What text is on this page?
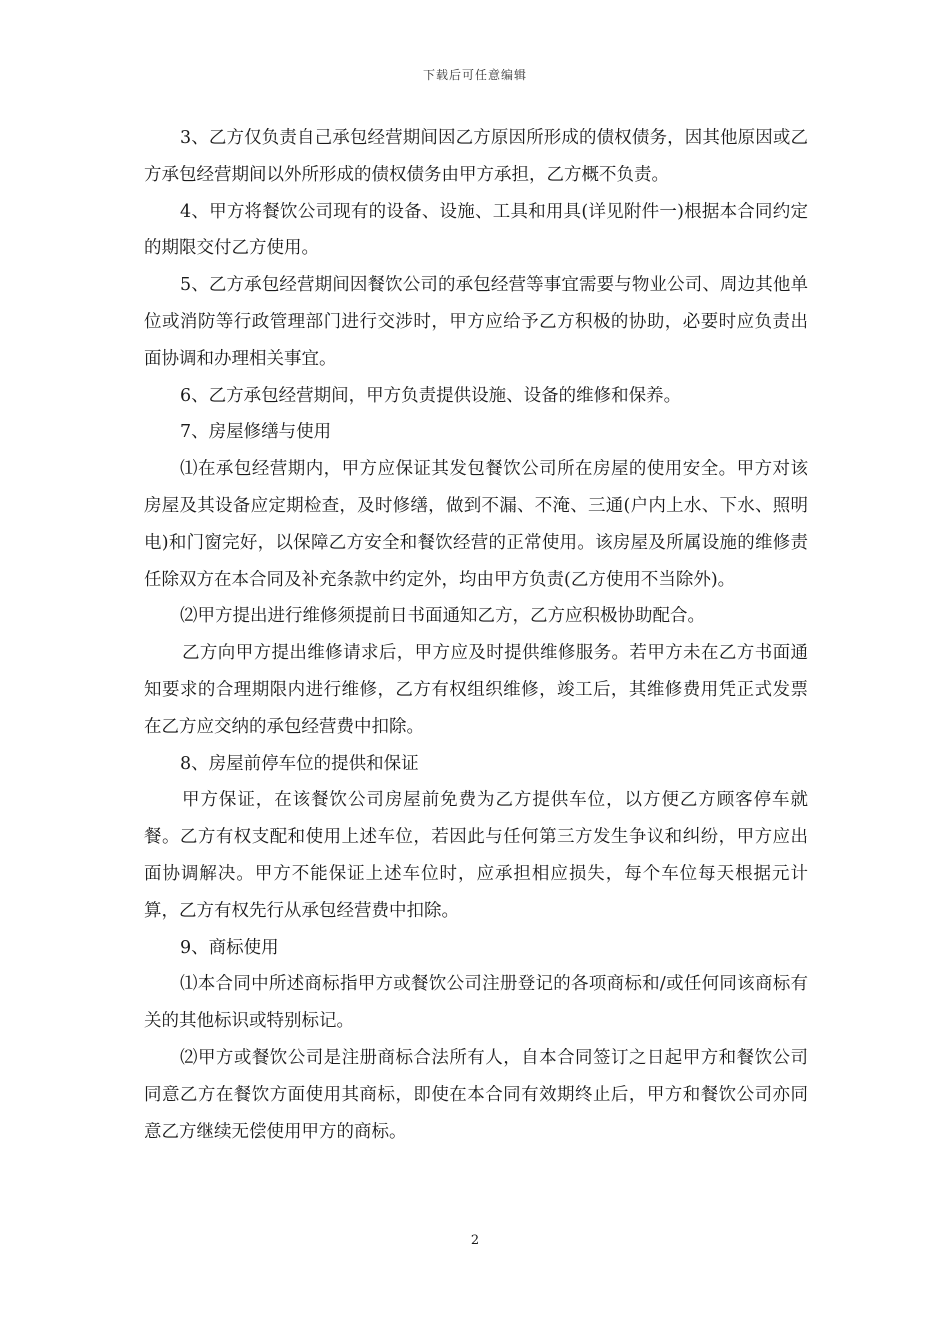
下载后可任意编辑

3、乙方仅负责自己承包经营期间因乙方原因所形成的债权债务，因其他原因或乙方承包经营期间以外所形成的债权债务由甲方承担，乙方概不负责。

4、甲方将餐饮公司现有的设备、设施、工具和用具(详见附件一)根据本合同约定的期限交付乙方使用。

5、乙方承包经营期间因餐饮公司的承包经营等事宜需要与物业公司、周边其他单位或消防等行政管理部门进行交涉时，甲方应给予乙方积极的协助，必要时应负责出面协调和办理相关事宜。

6、乙方承包经营期间，甲方负责提供设施、设备的维修和保养。

7、房屋修缮与使用

⑴在承包经营期内，甲方应保证其发包餐饮公司所在房屋的使用安全。甲方对该房屋及其设备应定期检查，及时修缮，做到不漏、不淹、三通(户内上水、下水、照明电)和门窗完好，以保障乙方安全和餐饮经营的正常使用。该房屋及所属设施的维修责任除双方在本合同及补充条款中约定外，均由甲方负责(乙方使用不当除外)。

⑵甲方提出进行维修须提前日书面通知乙方，乙方应积极协助配合。

乙方向甲方提出维修请求后，甲方应及时提供维修服务。若甲方未在乙方书面通知要求的合理期限内进行维修，乙方有权组织维修，竣工后，其维修费用凭正式发票在乙方应交纳的承包经营费中扣除。

8、房屋前停车位的提供和保证

甲方保证，在该餐饮公司房屋前免费为乙方提供车位，以方便乙方顾客停车就餐。乙方有权支配和使用上述车位，若因此与任何第三方发生争议和纠纷，甲方应出面协调解决。甲方不能保证上述车位时，应承担相应损失，每个车位每天根据元计算，乙方有权先行从承包经营费中扣除。

9、商标使用

⑴本合同中所述商标指甲方或餐饮公司注册登记的各项商标和/或任何同该商标有关的其他标识或特别标记。

⑵甲方或餐饮公司是注册商标合法所有人，自本合同签订之日起甲方和餐饮公司同意乙方在餐饮方面使用其商标，即使在本合同有效期终止后，甲方和餐饮公司亦同意乙方继续无偿使用甲方的商标。

2
